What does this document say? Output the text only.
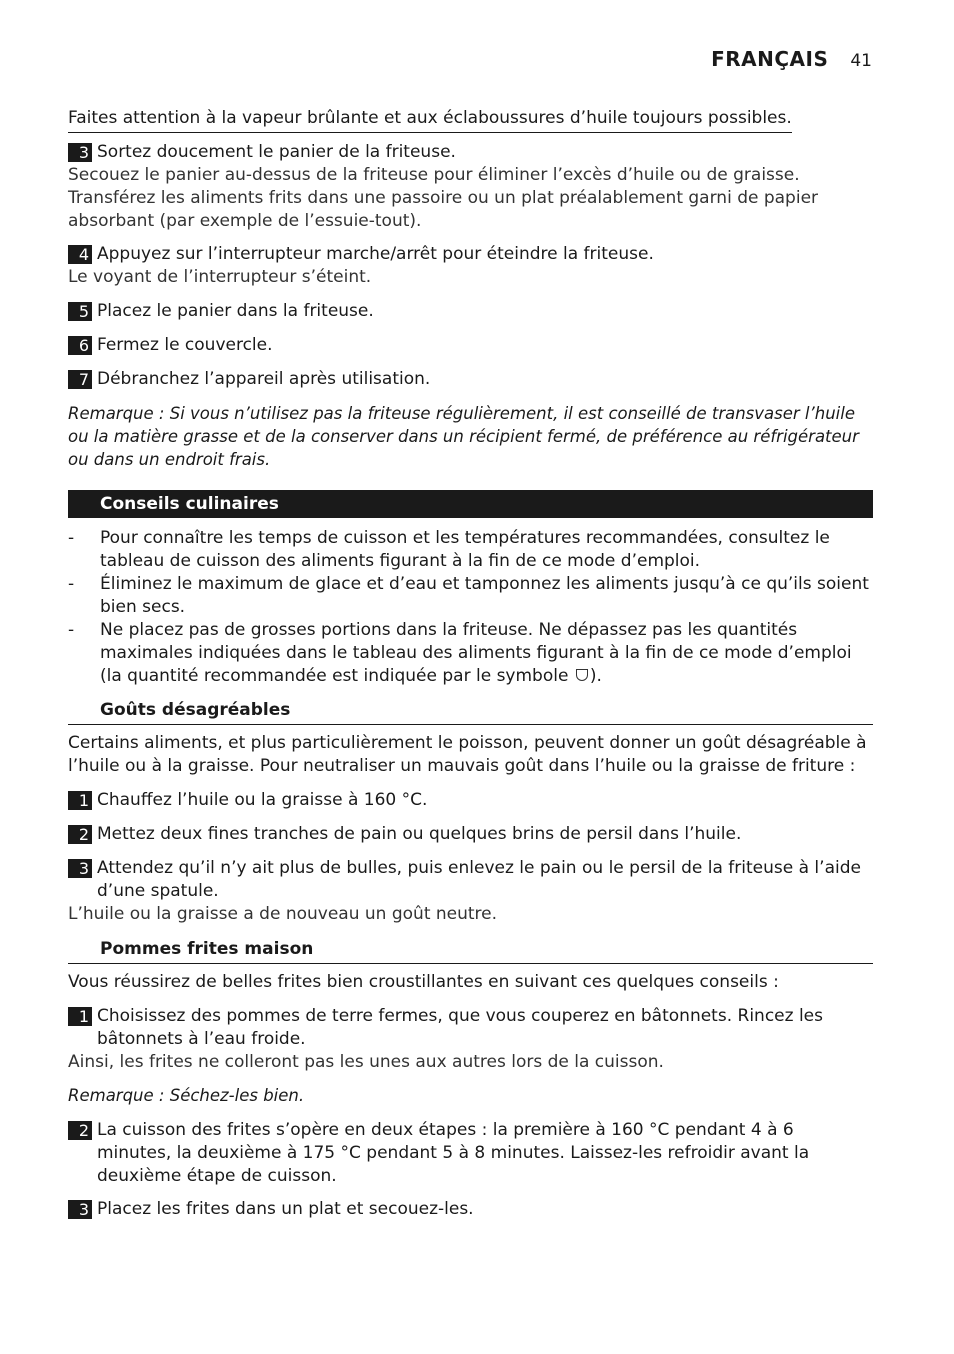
FRANÇAIS 41
Faites attention à la vapeur brûlante et aux éclaboussures d’huile toujours possibles.
3 Sortez doucement le panier de la friteuse.
Secouez le panier au-dessus de la friteuse pour éliminer l’excès d’huile ou de graisse. Transférez les aliments frits dans une passoire ou un plat préalablement garni de papier absorbant (par exemple de l’essuie-tout).
4 Appuyez sur l’interrupteur marche/arrêt pour éteindre la friteuse.
Le voyant de l’interrupteur s’éteint.
5 Placez le panier dans la friteuse.
6 Fermez le couvercle.
7 Débranchez l’appareil après utilisation.
Remarque : Si vous n’utilisez pas la friteuse régulièrement, il est conseillé de transvaser l’huile ou la matière grasse et de la conserver dans un récipient fermé, de préférence au réfrigérateur ou dans un endroit frais.
Conseils culinaires
-	Pour connaître les temps de cuisson et les températures recommandées, consultez le tableau de cuisson des aliments figurant à la fin de ce mode d’emploi.
-	Éliminez le maximum de glace et d’eau et tamponnez les aliments jusqu’à ce qu’ils soient bien secs.
-	Ne placez pas de grosses portions dans la friteuse. Ne dépassez pas les quantités maximales indiquées dans le tableau des aliments figurant à la fin de ce mode d’emploi (la quantité recommandée est indiquée par le symbole ).
Goûts désagréables
Certains aliments, et plus particulièrement le poisson, peuvent donner un goût désagréable à l’huile ou à la graisse. Pour neutraliser un mauvais goût dans l’huile ou la graisse de friture :
1 Chauffez l’huile ou la graisse à 160 °C.
2 Mettez deux fines tranches de pain ou quelques brins de persil dans l’huile.
3 Attendez qu’il n’y ait plus de bulles, puis enlevez le pain ou le persil de la friteuse à l’aide d’une spatule.
L’huile ou la graisse a de nouveau un goût neutre.
Pommes frites maison
Vous réussirez de belles frites bien croustillantes en suivant ces quelques conseils :
1 Choisissez des pommes de terre fermes, que vous couperez en bâtonnets. Rincez les bâtonnets à l’eau froide.
Ainsi, les frites ne colleront pas les unes aux autres lors de la cuisson.
Remarque : Séchez-les bien.
2 La cuisson des frites s’opère en deux étapes : la première à 160 °C pendant 4 à 6 minutes, la deuxième à 175 °C pendant 5 à 8 minutes. Laissez-les refroidir avant la deuxième étape de cuisson.
3 Placez les frites dans un plat et secouez-les.
